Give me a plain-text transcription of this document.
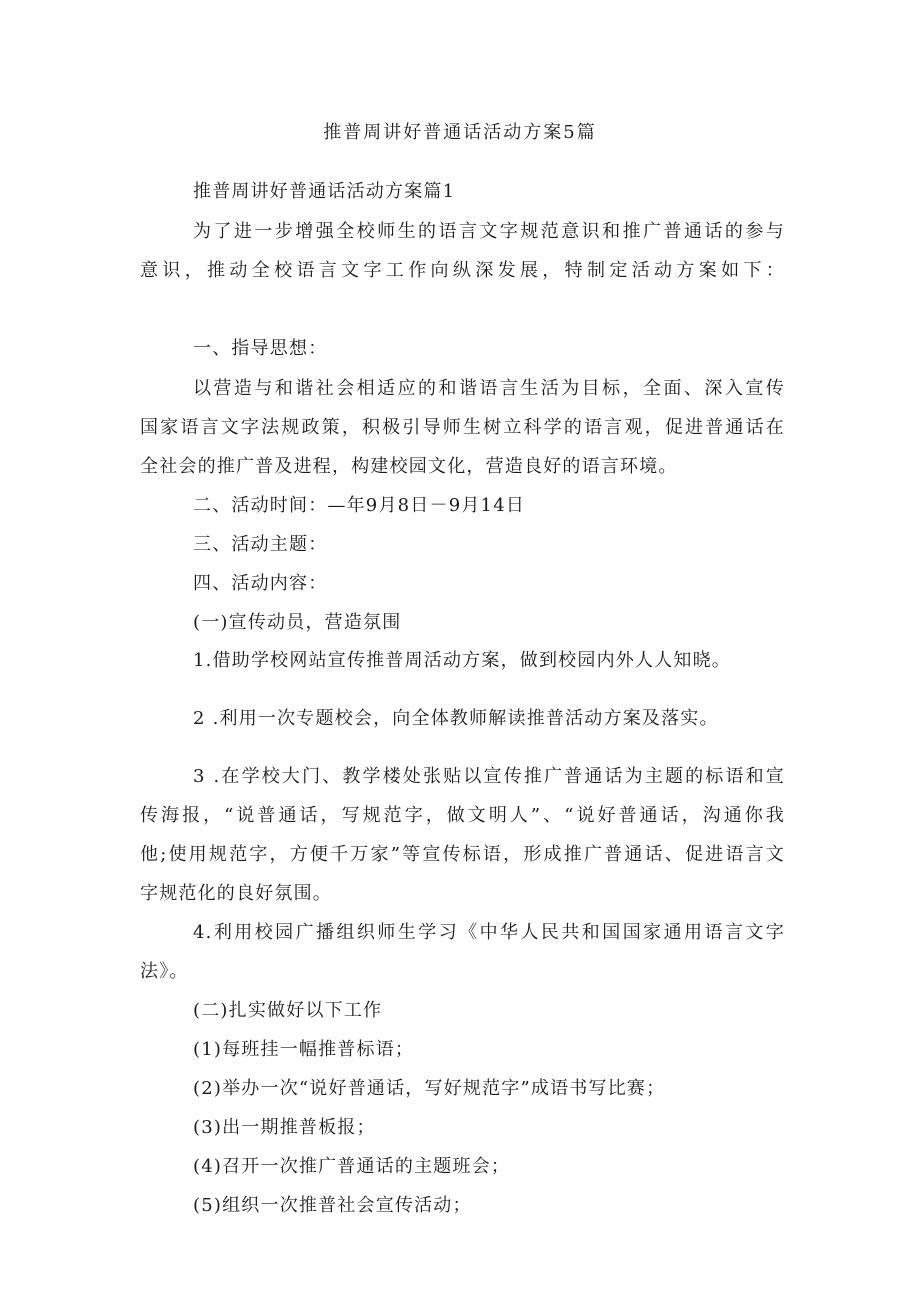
推普周讲好普通话活动方案5篇
推普周讲好普通话活动方案篇1
为了进一步增强全校师生的语言文字规范意识和推广普通话的参与
意识，推动全校语言文字工作向纵深发展，特制定活动方案如下：
一、指导思想：
以营造与和谐社会相适应的和谐语言生活为目标，全面、深入宣传
国家语言文字法规政策，积极引导师生树立科学的语言观，促进普通话在
全社会的推广普及进程，构建校园文化，营造良好的语言环境。
二、活动时间：—年9月8日－9月14日
三、活动主题：
四、活动内容：
(一)宣传动员，营造氛围
1.借助学校网站宣传推普周活动方案，做到校园内外人人知晓。
2 .利用一次专题校会，向全体教师解读推普活动方案及落实。
3 .在学校大门、教学楼处张贴以宣传推广普通话为主题的标语和宣
传海报，“说普通话，写规范字，做文明人”、“说好普通话，沟通你我
他;使用规范字，方便千万家”等宣传标语，形成推广普通话、促进语言文
字规范化的良好氛围。
4.利用校园广播组织师生学习《中华人民共和国国家通用语言文字
法》。
(二)扎实做好以下工作
(1)每班挂一幅推普标语；
(2)举办一次“说好普通话，写好规范字”成语书写比赛；
(3)出一期推普板报；
(4)召开一次推广普通话的主题班会；
(5)组织一次推普社会宣传活动；
